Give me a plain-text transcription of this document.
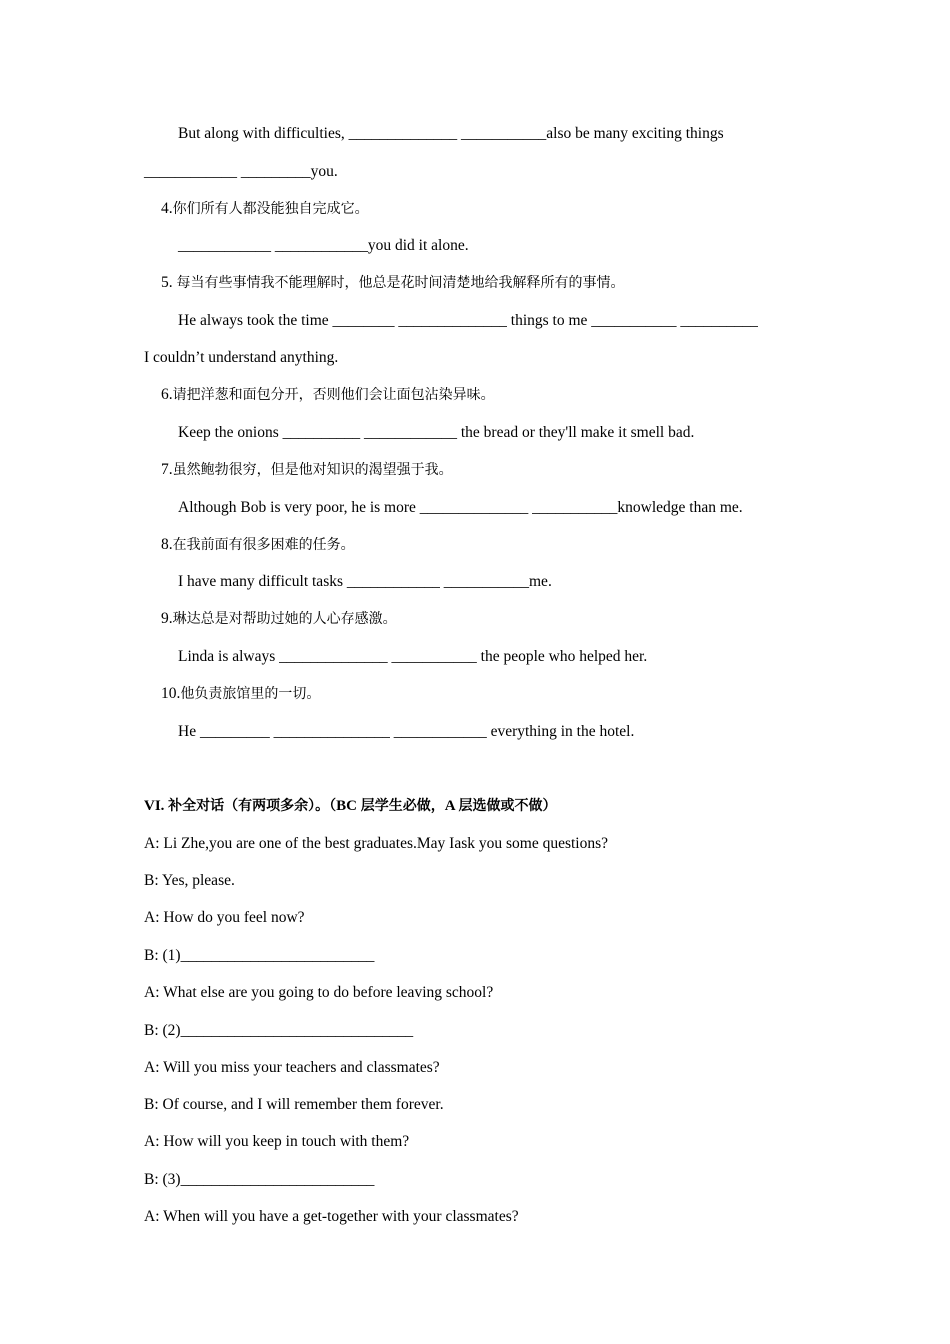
But along with difficulties, ______________ ___________also be many exciting things
____________ _________you.
4.你们所有人都没能独自完成它。
____________ ____________you did it alone.
5. 每当有些事情我不能理解时，他总是花时间清楚地给我解释所有的事情。
He always took the time ________ ______________ things to me ___________ __________
I couldn’t understand anything.
6.请把洋葱和面包分开，否则他们会让面包沾染异味。
Keep the onions __________ ____________ the bread or they'll make it smell bad.
7.虽然鲍勃很穷，但是他对知识的渴望强于我。
Although Bob is very poor, he is more ______________ ___________knowledge than me.
8.在我前面有很多困难的任务。
I have many difficult tasks ____________ ___________me.
9.琳达总是对帮助过她的人心存感激。
Linda is always ______________ ___________ the people who helped her.
10.他负责旅馆里的一切。
He _________ _______________ ____________ everything in the hotel.
VI. 补全对话（有两项多余）。（BC 层学生必做，A 层选做或不做）
A: Li Zhe,you are one of the best graduates.May Iask you some questions?
B: Yes, please.
A: How do you feel now?
B: (1)_________________________
A: What else are you going to do before leaving school?
B: (2)______________________________
A: Will you miss your teachers and classmates?
B: Of course, and I will remember them forever.
A: How will you keep in touch with them?
B: (3)_________________________
A: When will you have a get-together with your classmates?
